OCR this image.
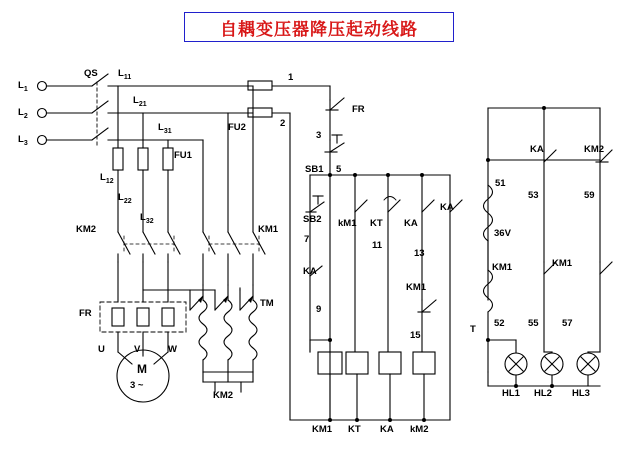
自耦变压器降压起动线路
$L_1$
$L_2$
$L_3$
QS $L_{11}$
$L_{21}$
$L_{31}$
FU1
$L_{12}$
$L_{22}$
$L_{32}$
KM2	KM1
FR
TM
KM2
U	V	W
M
3 ~
1
FU2	2
FR
3
SB1 5
SB2
7
KA
9
kM1 KT
11
KA
13
KA
KM1
15
KM1 KT KA kM2
KA	KM2
51
53	59
36V
KM1	KM1
T
52 55 57
HL1 HL2 HL3
